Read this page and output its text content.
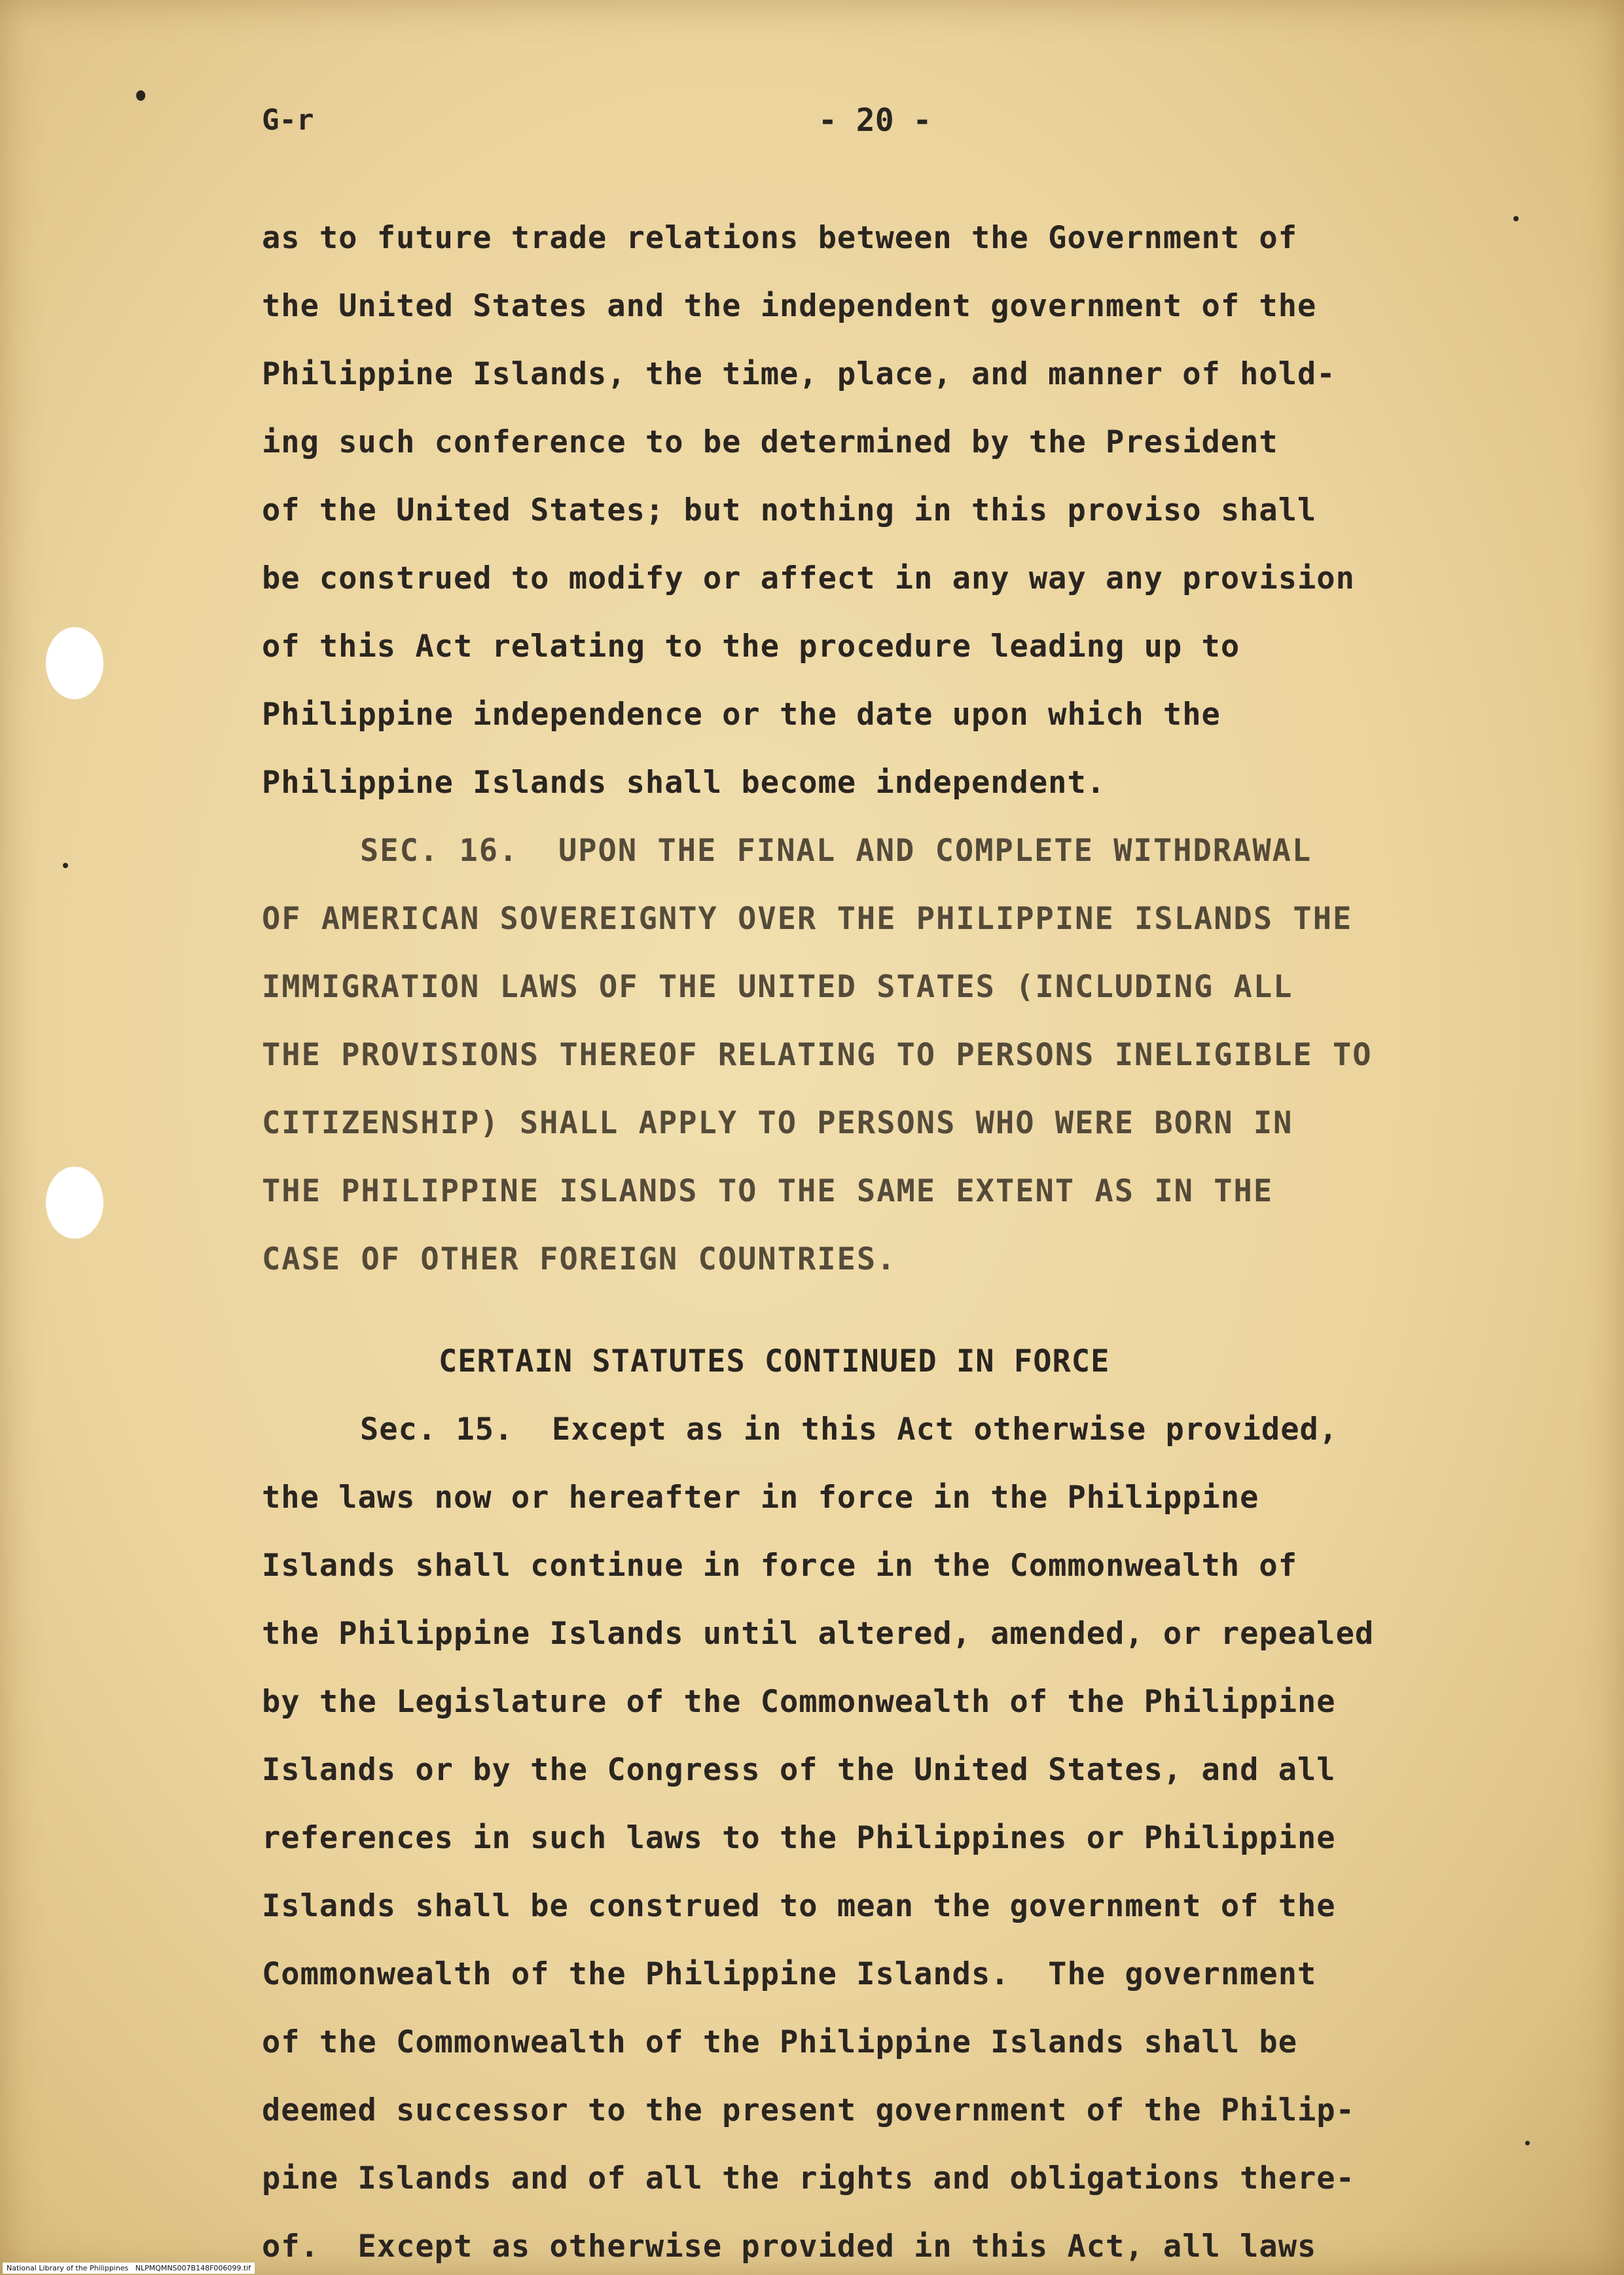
G-r	- 20 -
as to future trade relations between the Government of
the United States and the independent government of the
Philippine Islands, the time, place, and manner of hold-
ing such conference to be determined by the President
of the United States; but nothing in this proviso shall
be construed to modify or affect in any way any provision
of this Act relating to the procedure leading up to
Philippine independence or the date upon which the
Philippine Islands shall become independent.
SEC. 16.  UPON THE FINAL AND COMPLETE WITHDRAWAL
OF AMERICAN SOVEREIGNTY OVER THE PHILIPPINE ISLANDS THE
IMMIGRATION LAWS OF THE UNITED STATES (INCLUDING ALL
THE PROVISIONS THEREOF RELATING TO PERSONS INELIGIBLE TO
CITIZENSHIP) SHALL APPLY TO PERSONS WHO WERE BORN IN
THE PHILIPPINE ISLANDS TO THE SAME EXTENT AS IN THE
CASE OF OTHER FOREIGN COUNTRIES.
CERTAIN STATUTES CONTINUED IN FORCE
Sec. 15.  Except as in this Act otherwise provided,
the laws now or hereafter in force in the Philippine
Islands shall continue in force in the Commonwealth of
the Philippine Islands until altered, amended, or repealed
by the Legislature of the Commonwealth of the Philippine
Islands or by the Congress of the United States, and all
references in such laws to the Philippines or Philippine
Islands shall be construed to mean the government of the
Commonwealth of the Philippine Islands.  The government
of the Commonwealth of the Philippine Islands shall be
deemed successor to the present government of the Philip-
pine Islands and of all the rights and obligations there-
of.  Except as otherwise provided in this Act, all laws
National Library of the Philippines   NLPMQMNS007B148F006099.tif
